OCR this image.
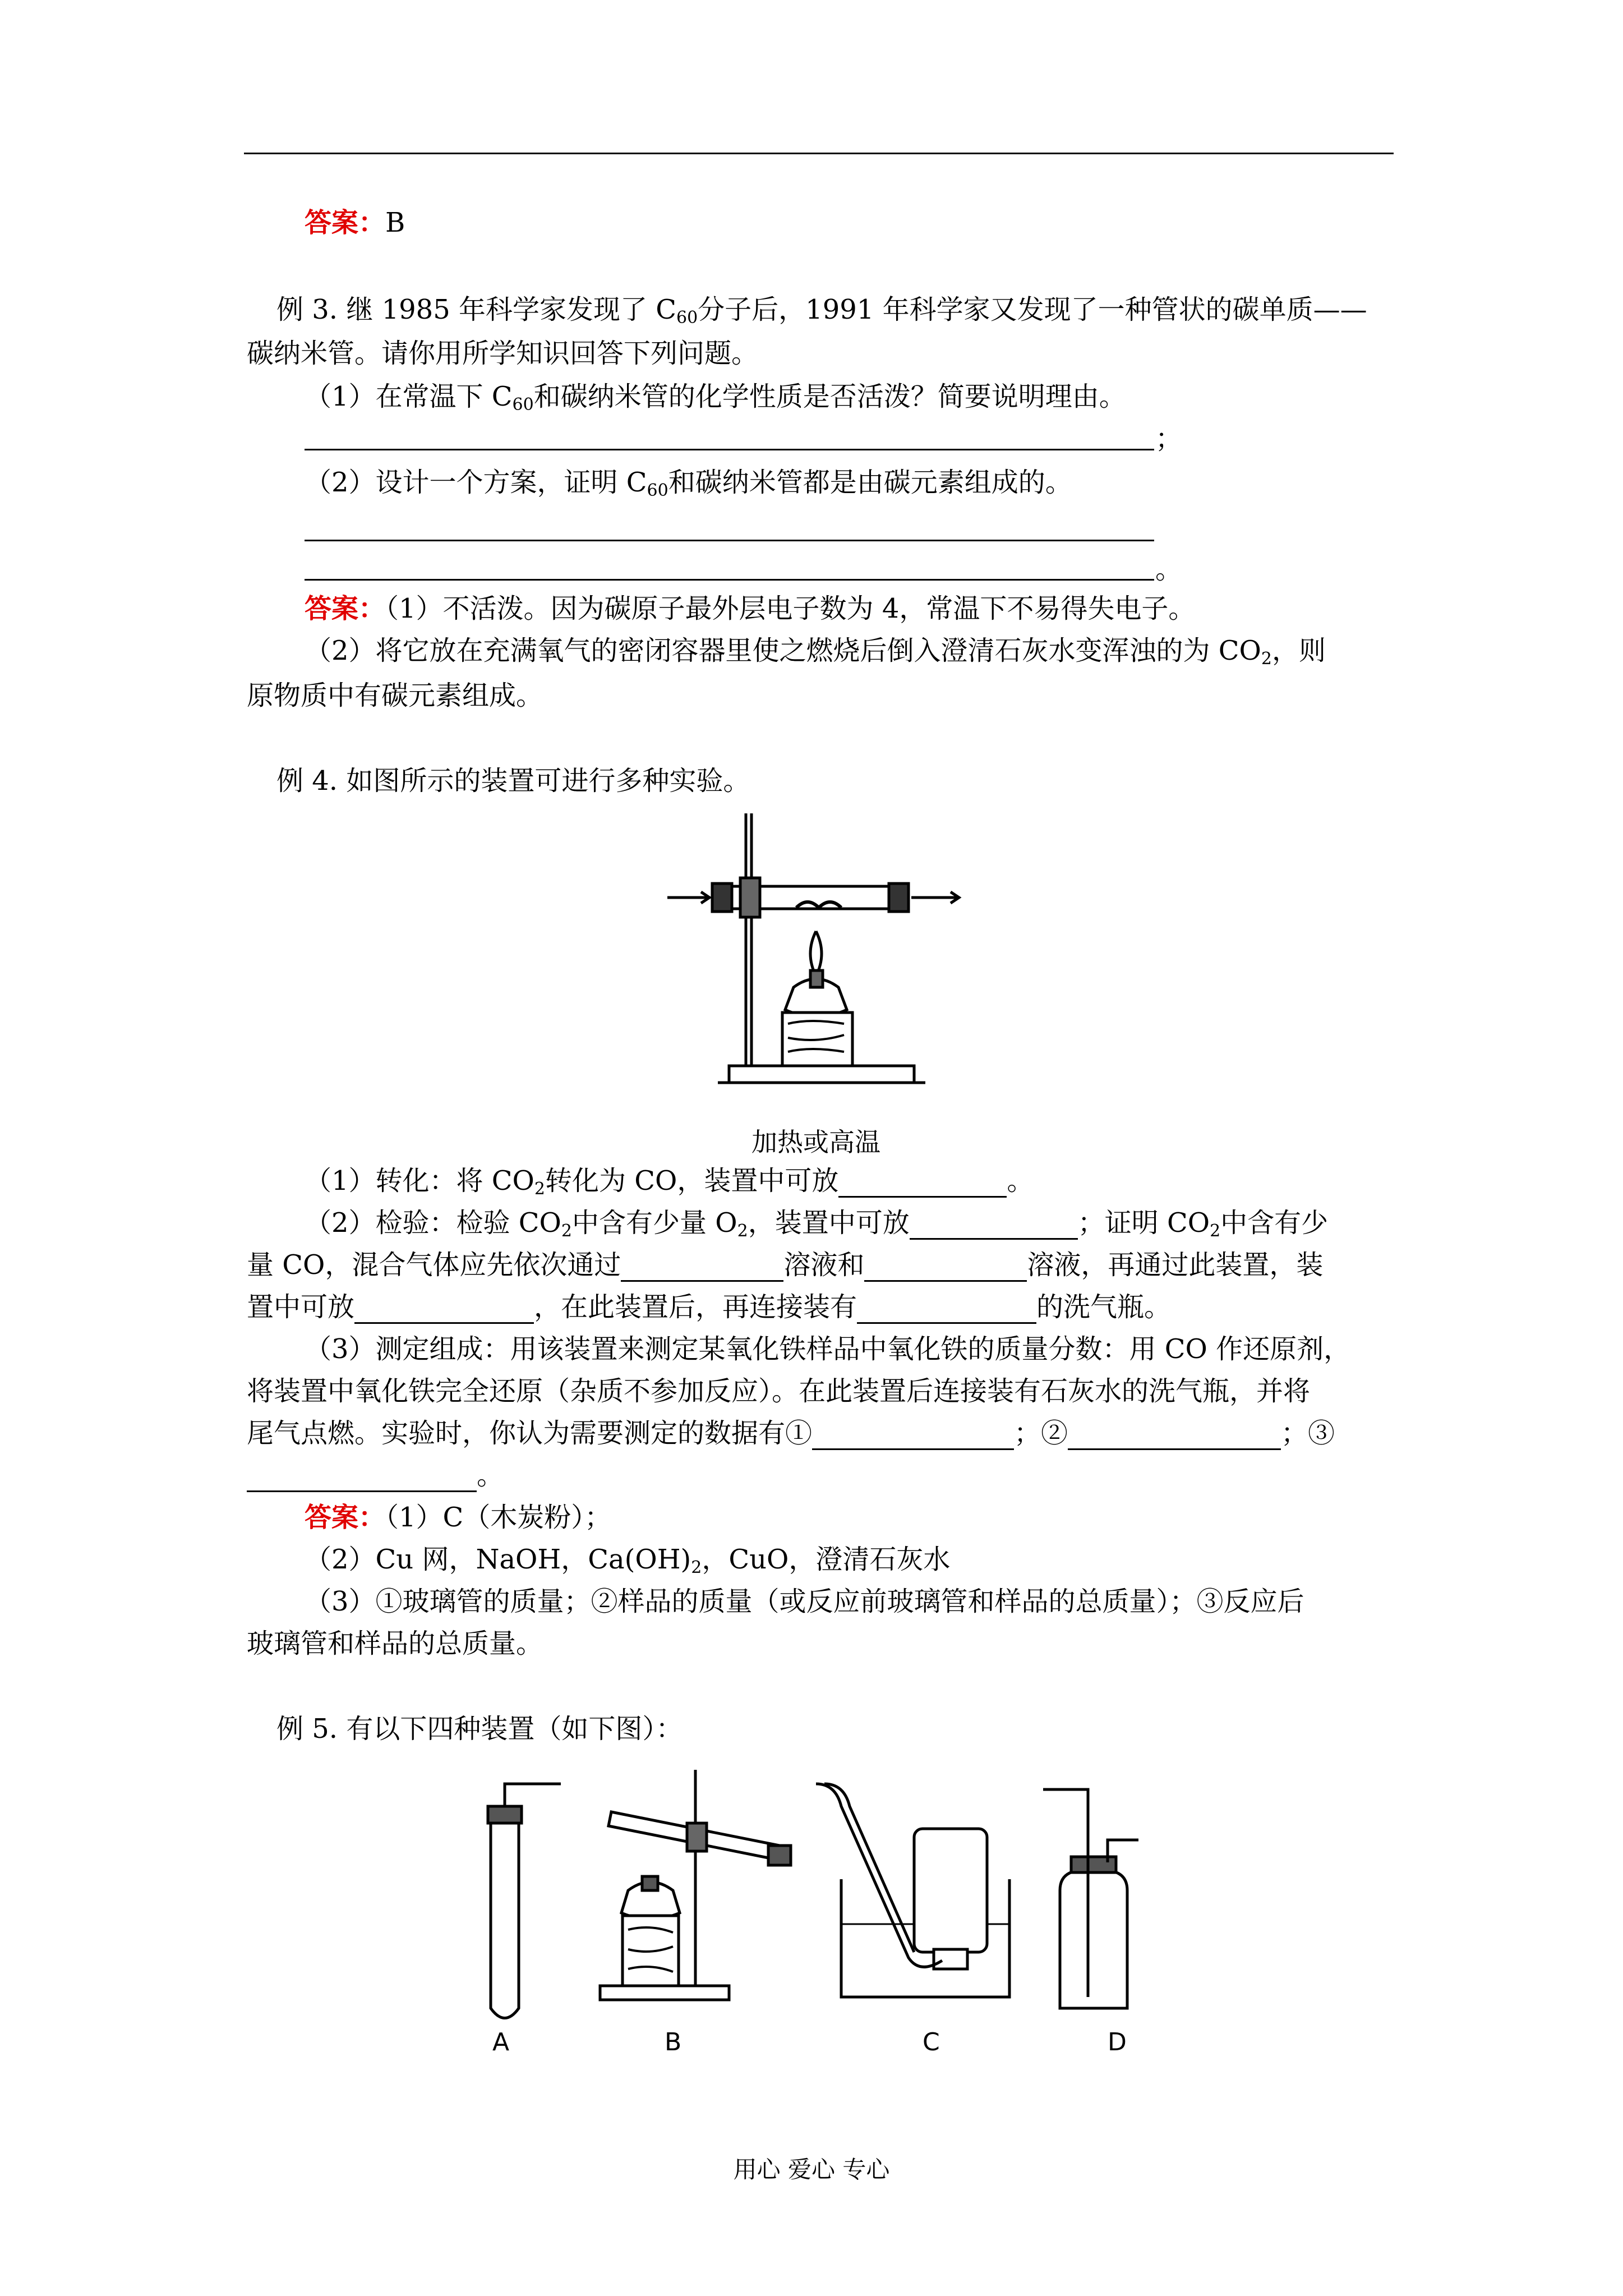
答案：B
例 3. 继 1985 年科学家发现了 $C_{60}$分子后，1991 年科学家又发现了一种管状的碳单质——
碳纳米管。请你用所学知识回答下列问题。
（1）在常温下 $C_{60}$和碳纳米管的化学性质是否活泼？简要说明理由。
；
（2）设计一个方案，证明 $C_{60}$和碳纳米管都是由碳元素组成的。
。
答案：（1）不活泼。因为碳原子最外层电子数为 4，常温下不易得失电子。
（2）将它放在充满氧气的密闭容器里使之燃烧后倒入澄清石灰水变浑浊的为 $CO_2$，则
原物质中有碳元素组成。
例 4. 如图所示的装置可进行多种实验。
加热或高温
（1）转化：将 $CO_2$转化为 CO，装置中可放	。
（2）检验：检验 $CO_2$中含有少量 $O_2$，装置中可放	；证明 $CO_2$中含有少
量 CO，混合气体应先依次通过	溶液和	溶液，再通过此装置，装
置中可放	，在此装置后，再连接装有	的洗气瓶。
（3）测定组成：用该装置来测定某氧化铁样品中氧化铁的质量分数：用 CO 作还原剂，
将装置中氧化铁完全还原（杂质不参加反应）。在此装置后连接装有石灰水的洗气瓶，并将
尾气点燃。实验时，你认为需要测定的数据有①	；②	；③
。
答案：（1）C（木炭粉）；
（2）Cu 网，NaOH，$Ca(OH)_2$，CuO，澄清石灰水
（3）①玻璃管的质量；②样品的质量（或反应前玻璃管和样品的总质量）；③反应后
玻璃管和样品的总质量。
例 5. 有以下四种装置（如下图）：
A	B	C	D
用心 爱心 专心
